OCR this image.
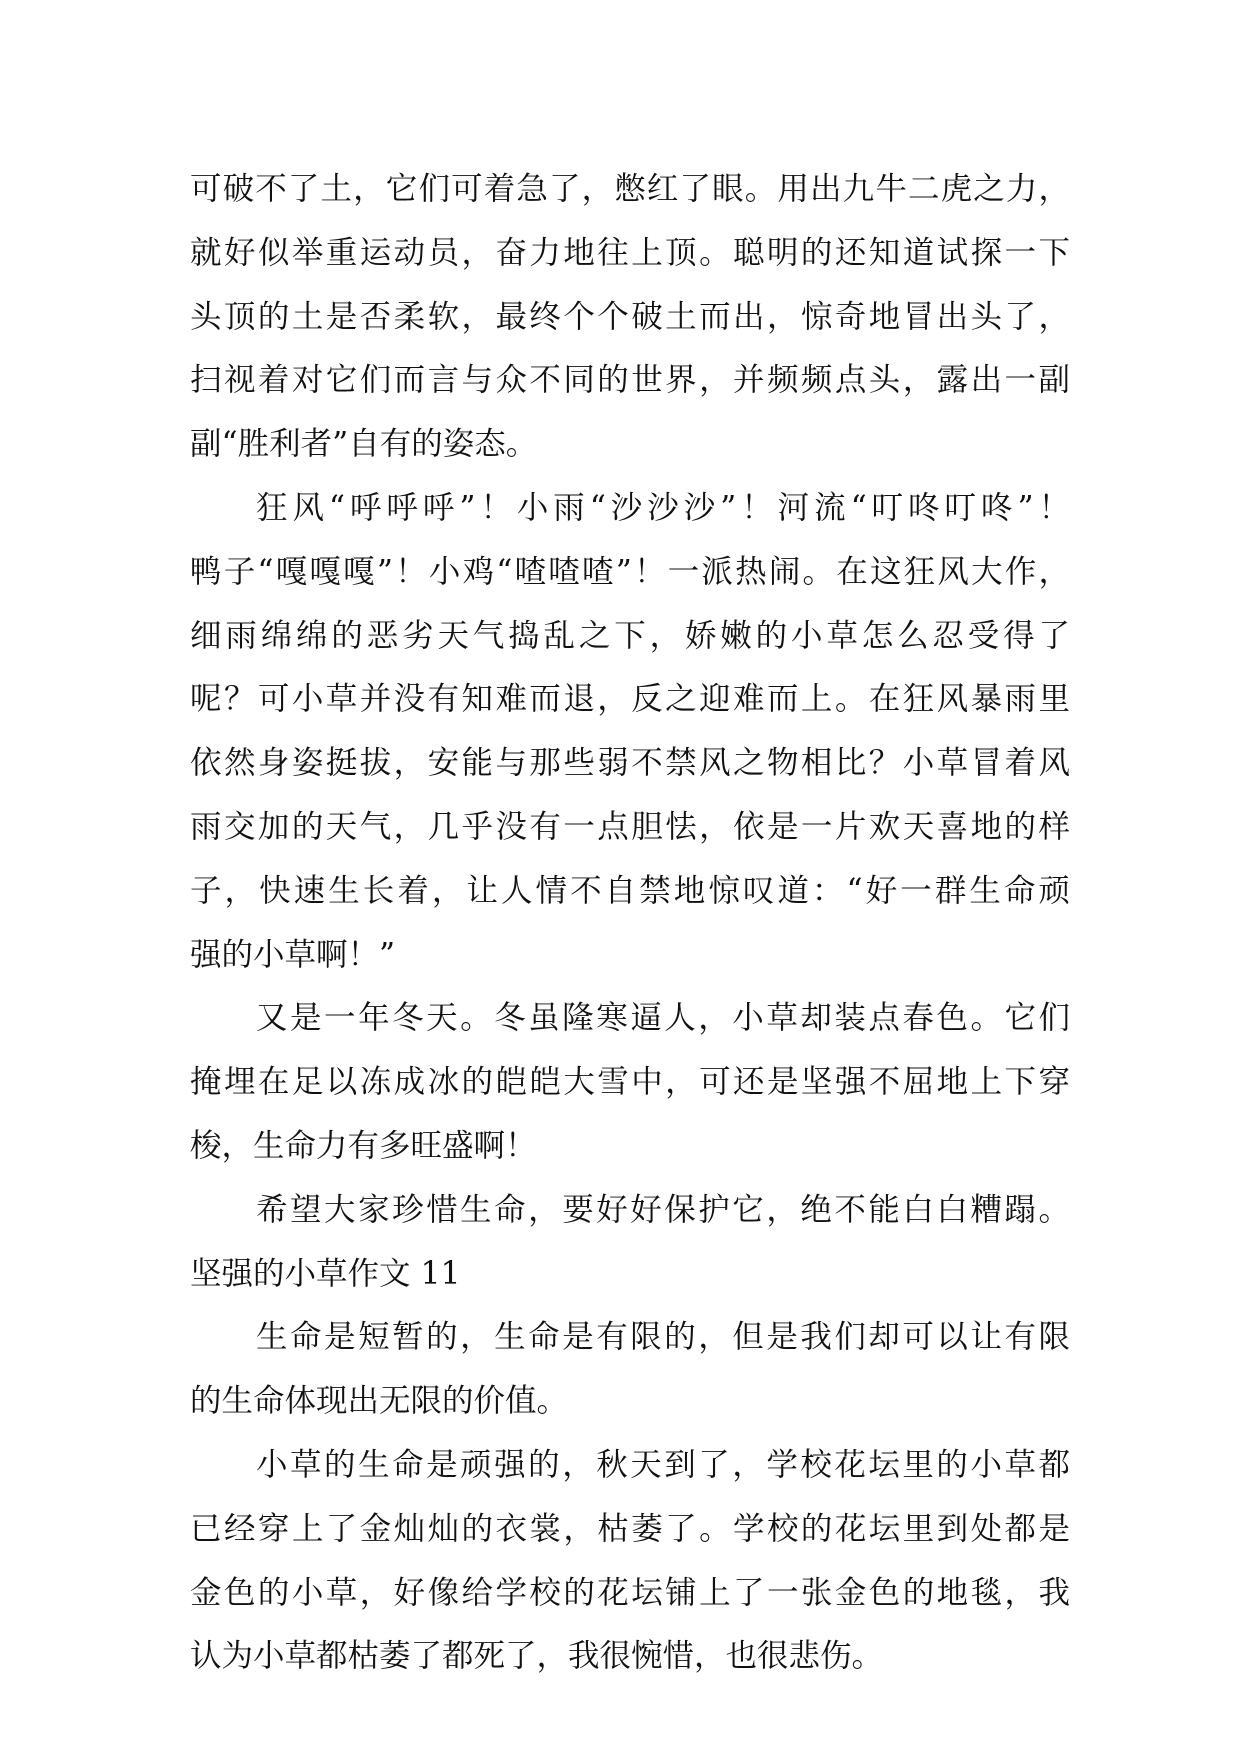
可破不了土，它们可着急了，憋红了眼。用出九牛二虎之力，
就好似举重运动员，奋力地往上顶。聪明的还知道试探一下
头顶的土是否柔软，最终个个破土而出，惊奇地冒出头了，
扫视着对它们而言与众不同的世界，并频频点头，露出一副
副“胜利者”自有的姿态。
狂风“呼呼呼”！小雨“沙沙沙”！河流“叮咚叮咚”！
鸭子“嘎嘎嘎”！小鸡“喳喳喳”！一派热闹。在这狂风大作，
细雨绵绵的恶劣天气捣乱之下，娇嫩的小草怎么忍受得了
呢？可小草并没有知难而退，反之迎难而上。在狂风暴雨里
依然身姿挺拔，安能与那些弱不禁风之物相比？小草冒着风
雨交加的天气，几乎没有一点胆怯，依是一片欢天喜地的样
子，快速生长着，让人情不自禁地惊叹道：“好一群生命顽
强的小草啊！”
又是一年冬天。冬虽隆寒逼人，小草却装点春色。它们
掩埋在足以冻成冰的皑皑大雪中，可还是坚强不屈地上下穿
梭，生命力有多旺盛啊！
希望大家珍惜生命，要好好保护它，绝不能白白糟蹋。
坚强的小草作文 11
生命是短暂的，生命是有限的，但是我们却可以让有限
的生命体现出无限的价值。
小草的生命是顽强的，秋天到了，学校花坛里的小草都
已经穿上了金灿灿的衣裳，枯萎了。学校的花坛里到处都是
金色的小草，好像给学校的花坛铺上了一张金色的地毯，我
认为小草都枯萎了都死了，我很惋惜，也很悲伤。
